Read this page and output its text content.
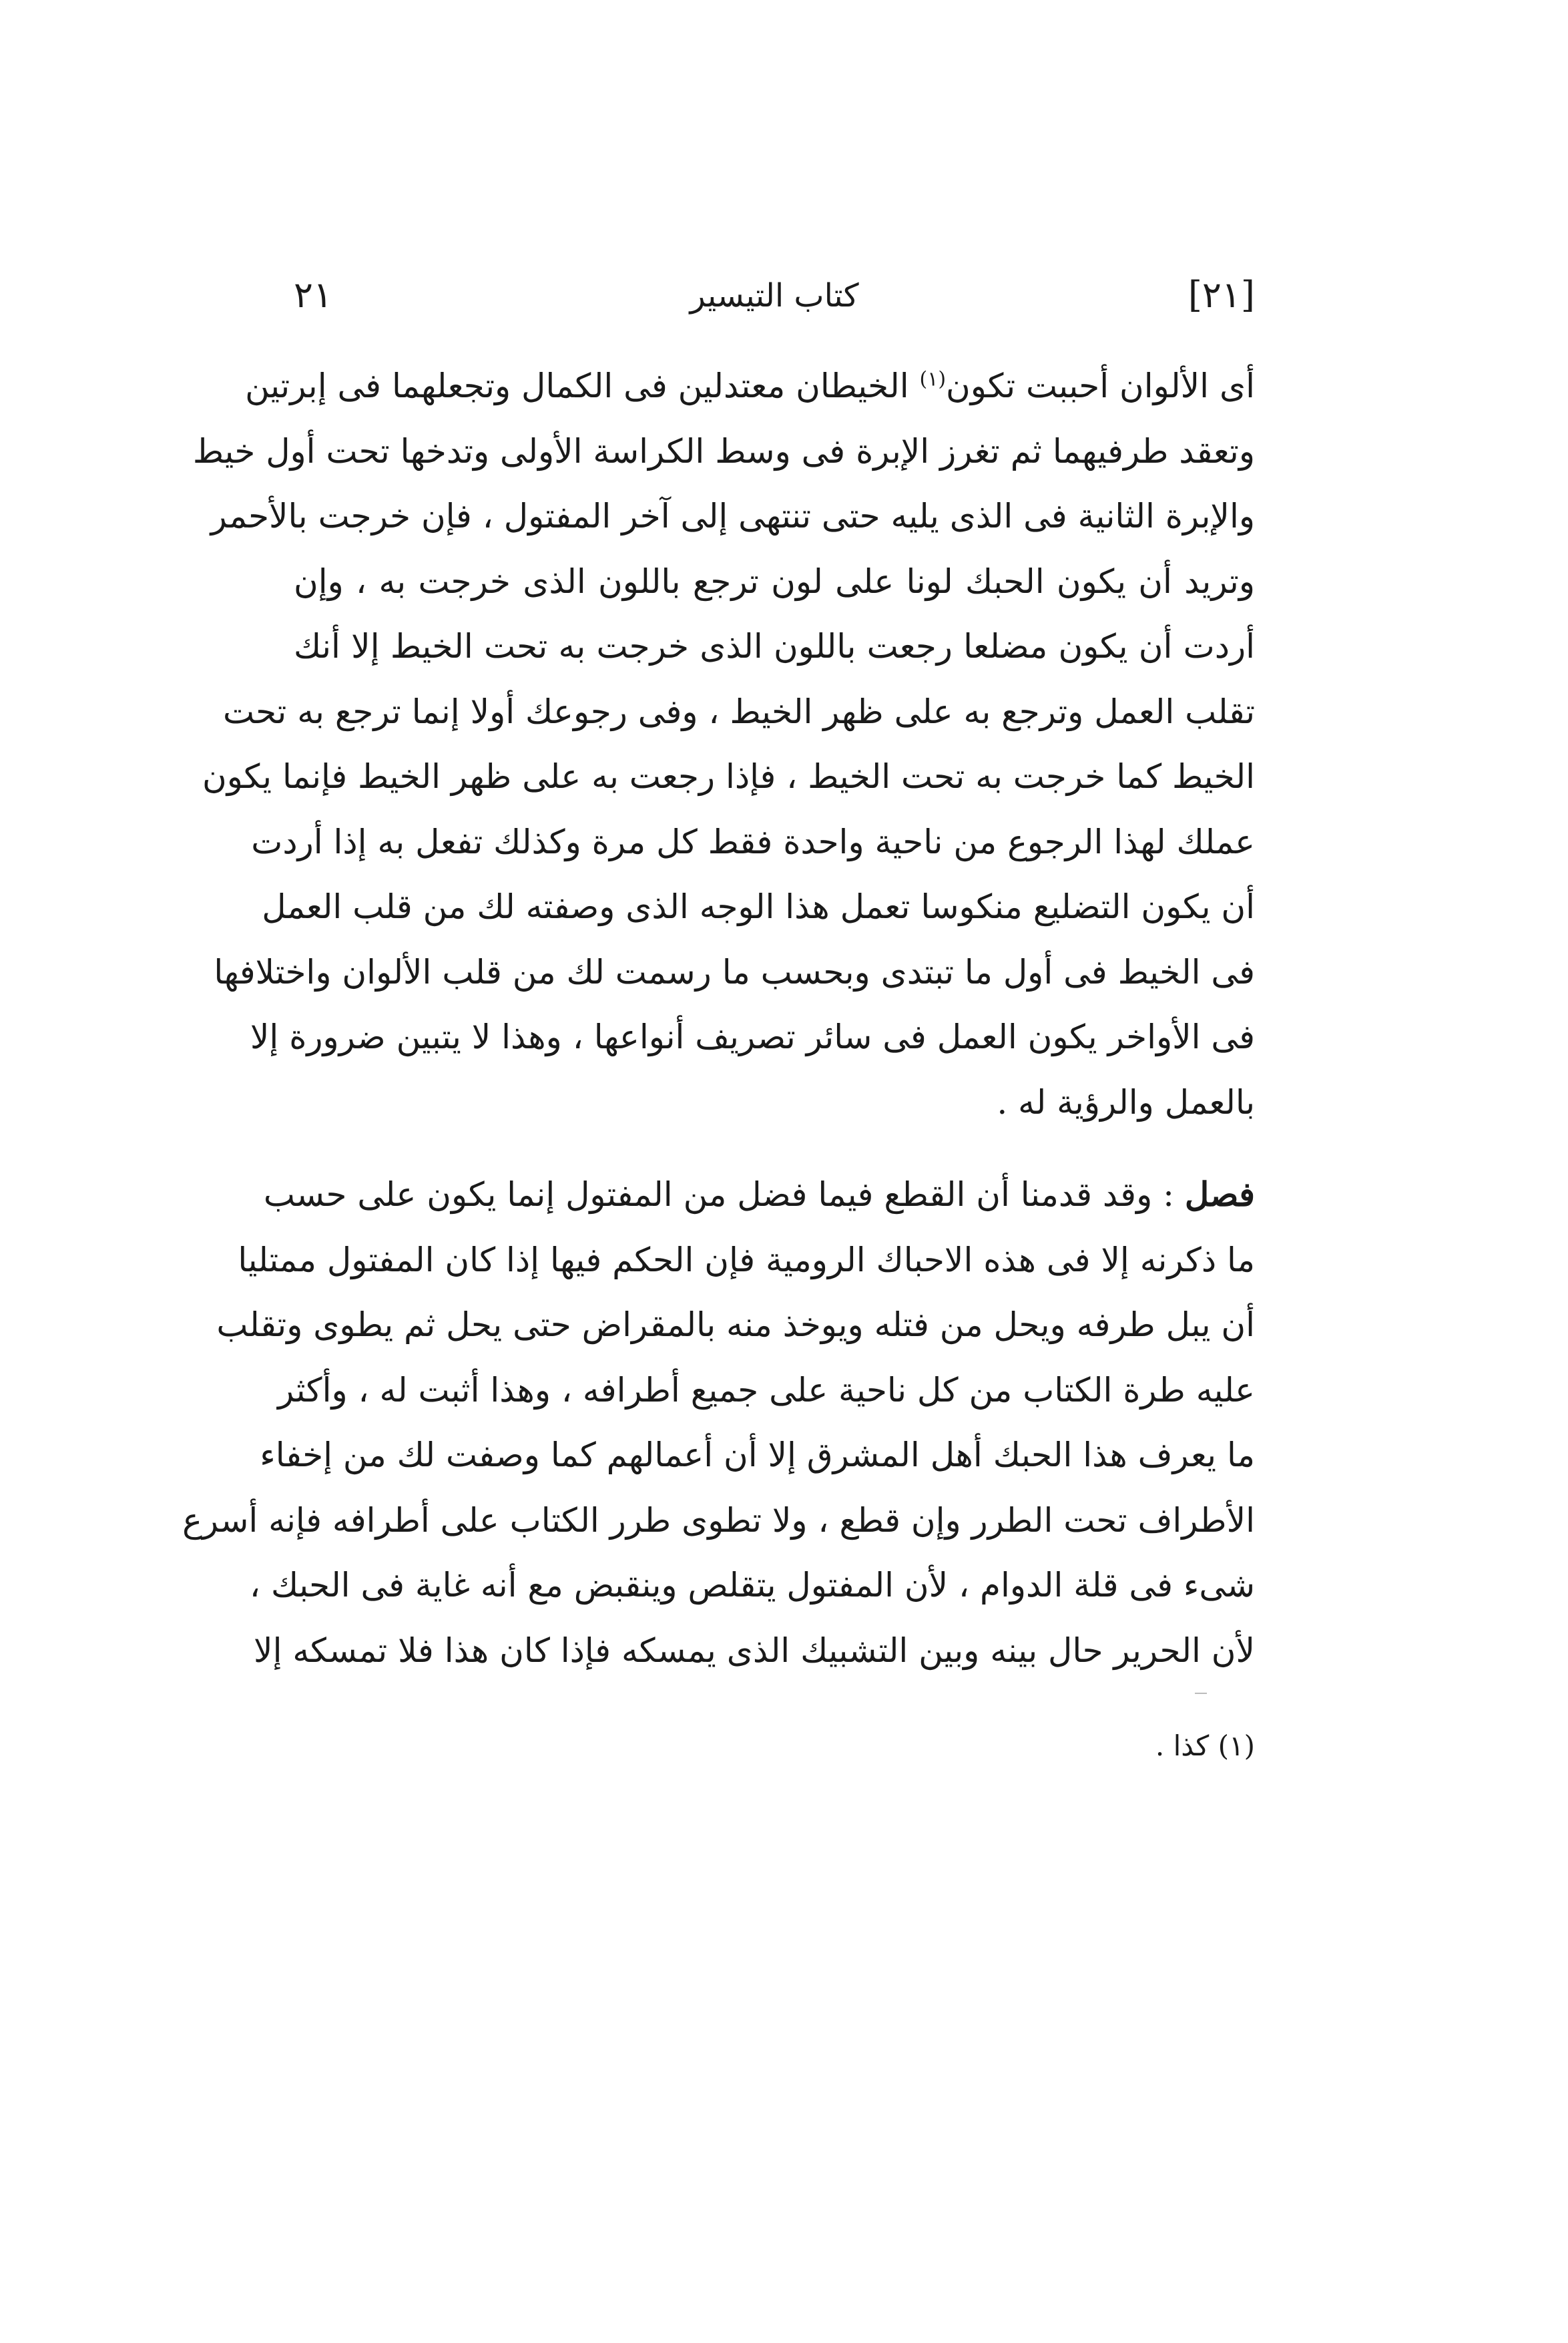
[٢١]
كتاب التيسير
٢١
أى الألوان أحببت تكون$^{(١)}$ الخيطان معتدلين فى الكمال وتجعلهما فى إبرتين
وتعقد طرفيهما ثم تغرز الإبرة فى وسط الكراسة الأولى وتدخها تحت أول خيط
والإبرة الثانية فى الذى يليه حتى تنتهى إلى آخر المفتول ، فإن خرجت بالأحمر
وتريد أن يكون الحبك لونا على لون ترجع باللون الذى خرجت به ، وإن
أردت أن يكون مضلعا رجعت باللون الذى خرجت به تحت الخيط إلا أنك
تقلب العمل وترجع به على ظهر الخيط ، وفى رجوعك أولا إنما ترجع به تحت
الخيط كما خرجت به تحت الخيط ، فإذا رجعت به على ظهر الخيط فإنما يكون
عملك لهذا الرجوع من ناحية واحدة فقط كل مرة وكذلك تفعل به إذا أردت
أن يكون التضليع منكوسا تعمل هذا الوجه الذى وصفته لك من قلب العمل
فى الخيط فى أول ما تبتدى وبحسب ما رسمت لك من قلب الألوان واختلافها
فى الأواخر يكون العمل فى سائر تصريف أنواعها ، وهذا لا يتبين ضرورة إلا
بالعمل والرؤية له .
فصل : وقد قدمنا أن القطع فيما فضل من المفتول إنما يكون على حسب
ما ذكرنه إلا فى هذه الاحباك الرومية فإن الحكم فيها إذا كان المفتول ممتليا
أن يبل طرفه ويحل من فتله ويوخذ منه بالمقراض حتى يحل ثم يطوى وتقلب
عليه طرة الكتاب من كل ناحية على جميع أطرافه ، وهذا أثبت له ، وأكثر
ما يعرف هذا الحبك أهل المشرق إلا أن أعمالهم كما وصفت لك من إخفاء
الأطراف تحت الطرر وإن قطع ، ولا تطوى طرر الكتاب على أطرافه فإنه أسرع
شىء فى قلة الدوام ، لأن المفتول يتقلص وينقبض مع أنه غاية فى الحبك ،
لأن الحرير حال بينه وبين التشبيك الذى يمسكه فإذا كان هذا فلا تمسكه إلا
(١) كذا .
